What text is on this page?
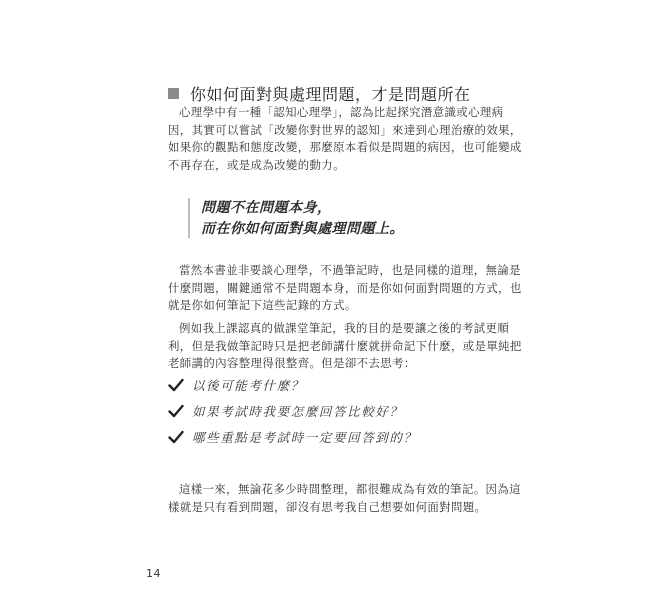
你如何面對與處理問題，才是問題所在

心理學中有一種「認知心理學」，認為比起探究潛意識或心理病
因，其實可以嘗試「改變你對世界的認知」來達到心理治療的效果，
如果你的觀點和態度改變，那麼原本看似是問題的病因，也可能變成
不再存在，或是成為改變的動力。

問題不在問題本身，
而在你如何面對與處理問題上。

當然本書並非要談心理學，不過筆記時，也是同樣的道理，無論是
什麼問題，關鍵通常不是問題本身，而是你如何面對問題的方式，也
就是你如何筆記下這些記錄的方式。

例如我上課認真的做課堂筆記，我的目的是要讓之後的考試更順
利，但是我做筆記時只是把老師講什麼就拼命記下什麼，或是單純把
老師講的內容整理得很整齊。但是卻不去思考：

以後可能考什麼？
如果考試時我要怎麼回答比較好？
哪些重點是考試時一定要回答到的？

這樣一來，無論花多少時間整理，都很難成為有效的筆記。因為這
樣就是只有看到問題，卻沒有思考我自己想要如何面對問題。

14
